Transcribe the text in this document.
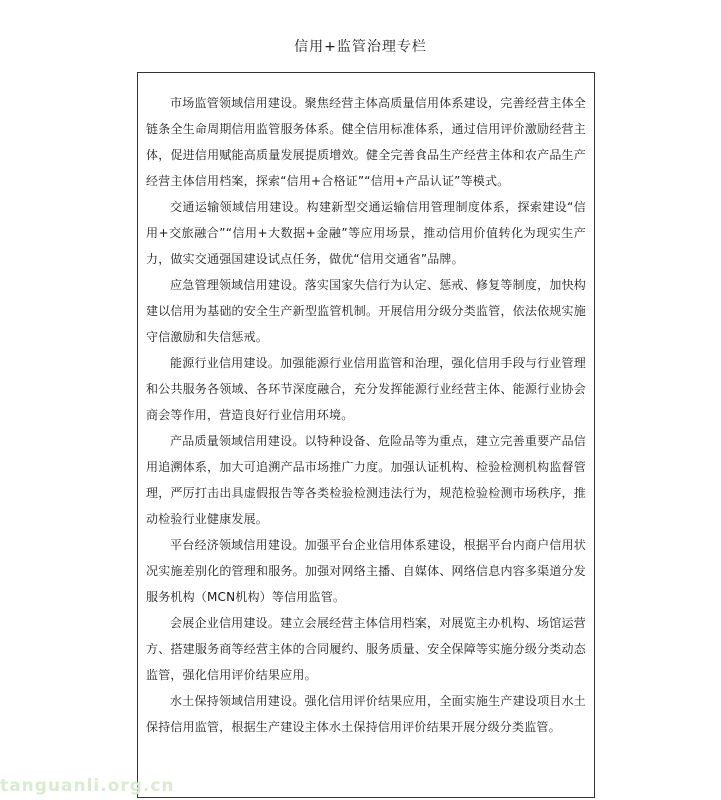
信用+监管治理专栏

市场监管领域信用建设。聚焦经营主体高质量信用体系建设，完善经营主体全链条全生命周期信用监管服务体系。健全信用标准体系，通过信用评价激励经营主体，促进信用赋能高质量发展提质增效。健全完善食品生产经营主体和农产品生产经营主体信用档案，探索“信用+合格证”“信用+产品认证”等模式。

交通运输领域信用建设。构建新型交通运输信用管理制度体系，探索建设“信用+交旅融合”“信用+大数据+金融”等应用场景，推动信用价值转化为现实生产力，做实交通强国建设试点任务，做优“信用交通省”品牌。

应急管理领域信用建设。落实国家失信行为认定、惩戒、修复等制度，加快构建以信用为基础的安全生产新型监管机制。开展信用分级分类监管，依法依规实施守信激励和失信惩戒。

能源行业信用建设。加强能源行业信用监管和治理，强化信用手段与行业管理和公共服务各领域、各环节深度融合，充分发挥能源行业经营主体、能源行业协会商会等作用，营造良好行业信用环境。

产品质量领域信用建设。以特种设备、危险品等为重点，建立完善重要产品信用追溯体系，加大可追溯产品市场推广力度。加强认证机构、检验检测机构监督管理，严厉打击出具虚假报告等各类检验检测违法行为，规范检验检测市场秩序，推动检验行业健康发展。

平台经济领域信用建设。加强平台企业信用体系建设，根据平台内商户信用状况实施差别化的管理和服务。加强对网络主播、自媒体、网络信息内容多渠道分发服务机构（MCN机构）等信用监管。

会展企业信用建设。建立会展经营主体信用档案，对展览主办机构、场馆运营方、搭建服务商等经营主体的合同履约、服务质量、安全保障等实施分级分类动态监管，强化信用评价结果应用。

水土保持领域信用建设。强化信用评价结果应用，全面实施生产建设项目水土保持信用监管，根据生产建设主体水土保持信用评价结果开展分级分类监管。

tanguanli.org.cn
